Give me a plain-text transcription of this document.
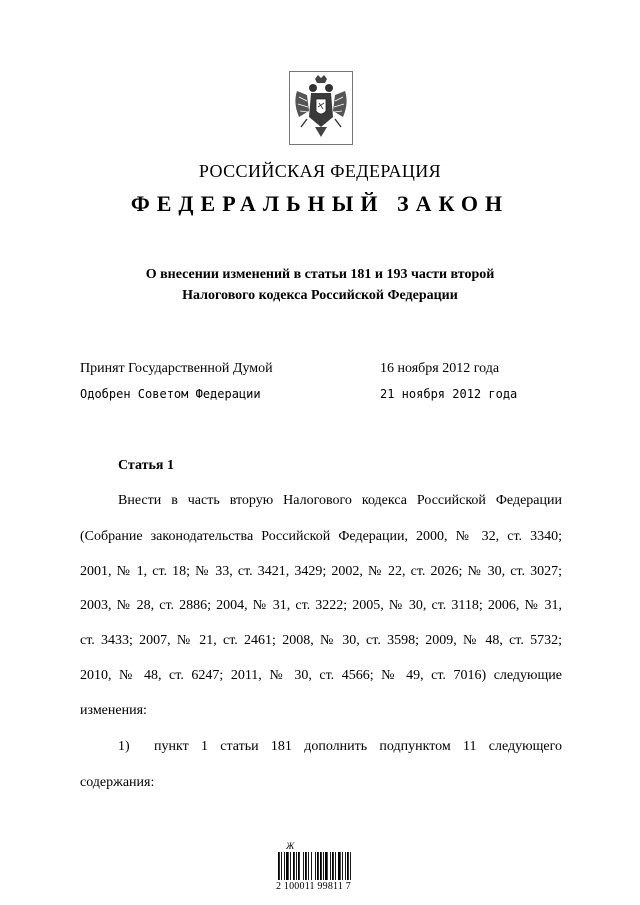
РОССИЙСКАЯ ФЕДЕРАЦИЯ
ФЕДЕРАЛЬНЫЙ ЗАКОН
О внесении изменений в статьи 181 и 193 части второй
Налогового кодекса Российской Федерации
Принят Государственной Думой	16 ноября 2012 года
Одобрен Советом Федерации	21 ноября 2012 года
Статья 1
Внести в часть вторую Налогового кодекса Российской Федерации
(Собрание законодательства Российской Федерации, 2000, № 32, ст. 3340;
2001, № 1, ст. 18; № 33, ст. 3421, 3429; 2002, № 22, ст. 2026; № 30, ст. 3027;
2003, № 28, ст. 2886; 2004, № 31, ст. 3222; 2005, № 30, ст. 3118; 2006, № 31,
ст. 3433; 2007, № 21, ст. 2461; 2008, № 30, ст. 3598; 2009, № 48, ст. 5732;
2010, № 48, ст. 6247; 2011, № 30, ст. 4566; № 49, ст. 7016) следующие
изменения:
1) пункт 1 статьи 181 дополнить подпунктом 11 следующего
содержания:
Ж
2 100011 99811 7
